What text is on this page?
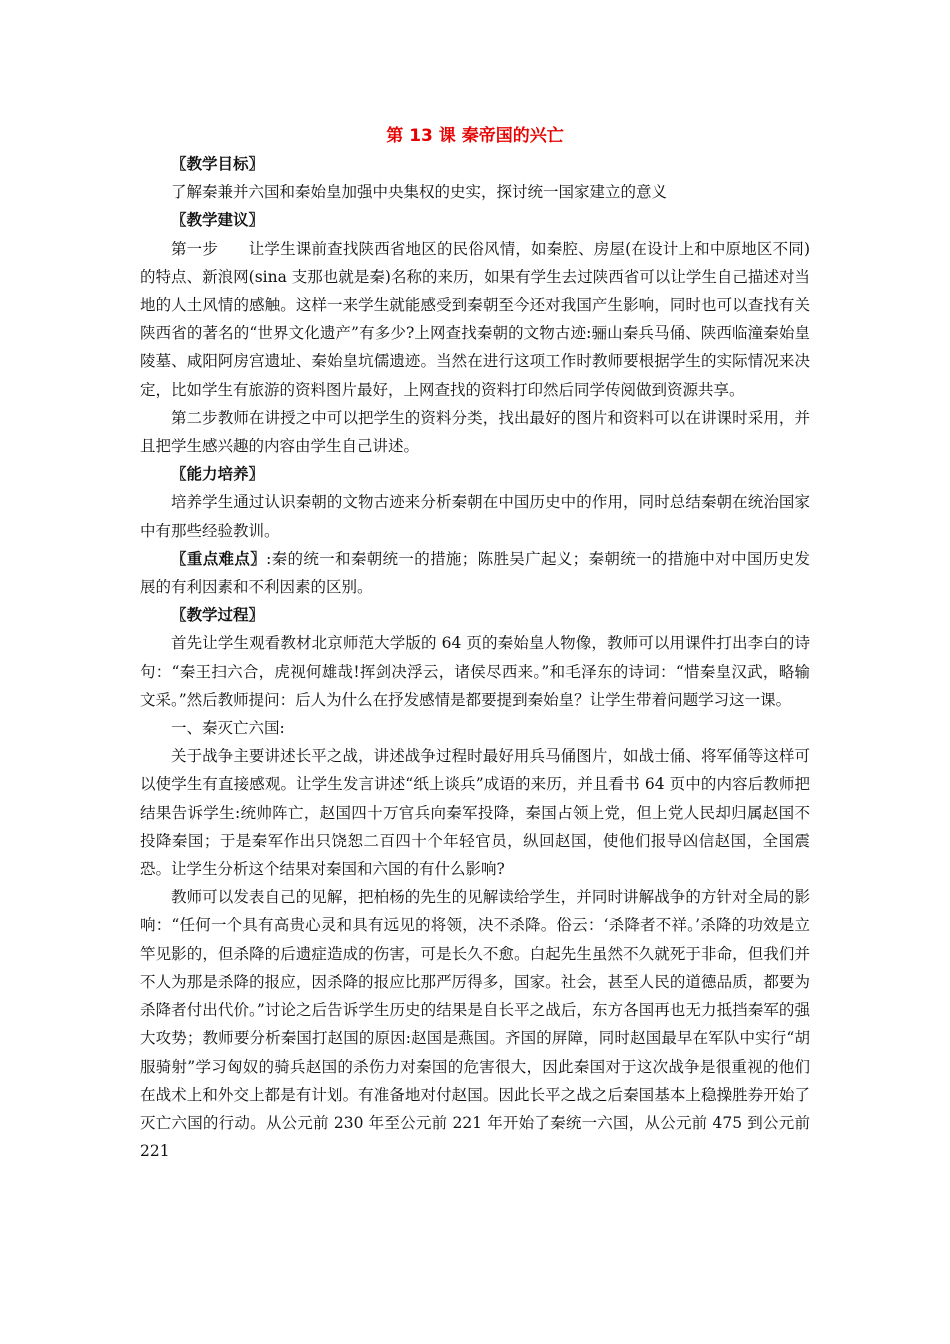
第 13 课 秦帝国的兴亡

〖教学目标〗

了解秦兼并六国和秦始皇加强中央集权的史实，探讨统一国家建立的意义

〖教学建议〗

第一步      让学生课前查找陕西省地区的民俗风情，如秦腔、房屋(在设计上和中原地区不同)的特点、新浪网(sina 支那也就是秦)名称的来历，如果有学生去过陕西省可以让学生自己描述对当地的人土风情的感触。这样一来学生就能感受到秦朝至今还对我国产生影响，同时也可以查找有关陕西省的著名的“世界文化遗产”有多少?上网查找秦朝的文物古迹:骊山秦兵马俑、陕西临潼秦始皇陵墓、咸阳阿房宫遗址、秦始皇坑儒遗迹。当然在进行这项工作时教师要根据学生的实际情况来决定，比如学生有旅游的资料图片最好，上网查找的资料打印然后同学传阅做到资源共享。

第二步教师在讲授之中可以把学生的资料分类，找出最好的图片和资料可以在讲课时采用，并且把学生感兴趣的内容由学生自己讲述。

〖能力培养〗

培养学生通过认识秦朝的文物古迹来分析秦朝在中国历史中的作用，同时总结秦朝在统治国家中有那些经验教训。

〖重点难点〗:秦的统一和秦朝统一的措施；陈胜吴广起义；秦朝统一的措施中对中国历史发展的有利因素和不利因素的区别。

〖教学过程〗

首先让学生观看教材北京师范大学版的 64 页的秦始皇人物像，教师可以用课件打出李白的诗句：“秦王扫六合，虎视何雄哉!挥剑决浮云，诸侯尽西来。”和毛泽东的诗词：“惜秦皇汉武，略输文采。”然后教师提问：后人为什么在抒发感情是都要提到秦始皇？让学生带着问题学习这一课。

一、秦灭亡六国:

关于战争主要讲述长平之战，讲述战争过程时最好用兵马俑图片，如战士俑、将军俑等这样可以使学生有直接感观。让学生发言讲述“纸上谈兵”成语的来历，并且看书 64 页中的内容后教师把结果告诉学生:统帅阵亡，赵国四十万官兵向秦军投降，秦国占领上党，但上党人民却归属赵国不投降秦国；于是秦军作出只饶恕二百四十个年轻官员，纵回赵国，使他们报导凶信赵国，全国震恐。让学生分析这个结果对秦国和六国的有什么影响?

教师可以发表自己的见解，把柏杨的先生的见解读给学生，并同时讲解战争的方针对全局的影响：“任何一个具有高贵心灵和具有远见的将领，决不杀降。俗云：‘杀降者不祥。’杀降的功效是立竿见影的，但杀降的后遗症造成的伤害，可是长久不愈。白起先生虽然不久就死于非命，但我们并不人为那是杀降的报应，因杀降的报应比那严厉得多，国家。社会，甚至人民的道德品质，都要为杀降者付出代价。”讨论之后告诉学生历史的结果是自长平之战后，东方各国再也无力抵挡秦军的强大攻势；教师要分析秦国打赵国的原因:赵国是燕国。齐国的屏障，同时赵国最早在军队中实行“胡服骑射”学习匈奴的骑兵赵国的杀伤力对秦国的危害很大，因此秦国对于这次战争是很重视的他们在战术上和外交上都是有计划。有准备地对付赵国。因此长平之战之后秦国基本上稳操胜券开始了灭亡六国的行动。从公元前 230 年至公元前 221 年开始了秦统一六国，从公元前 475 到公元前 221
